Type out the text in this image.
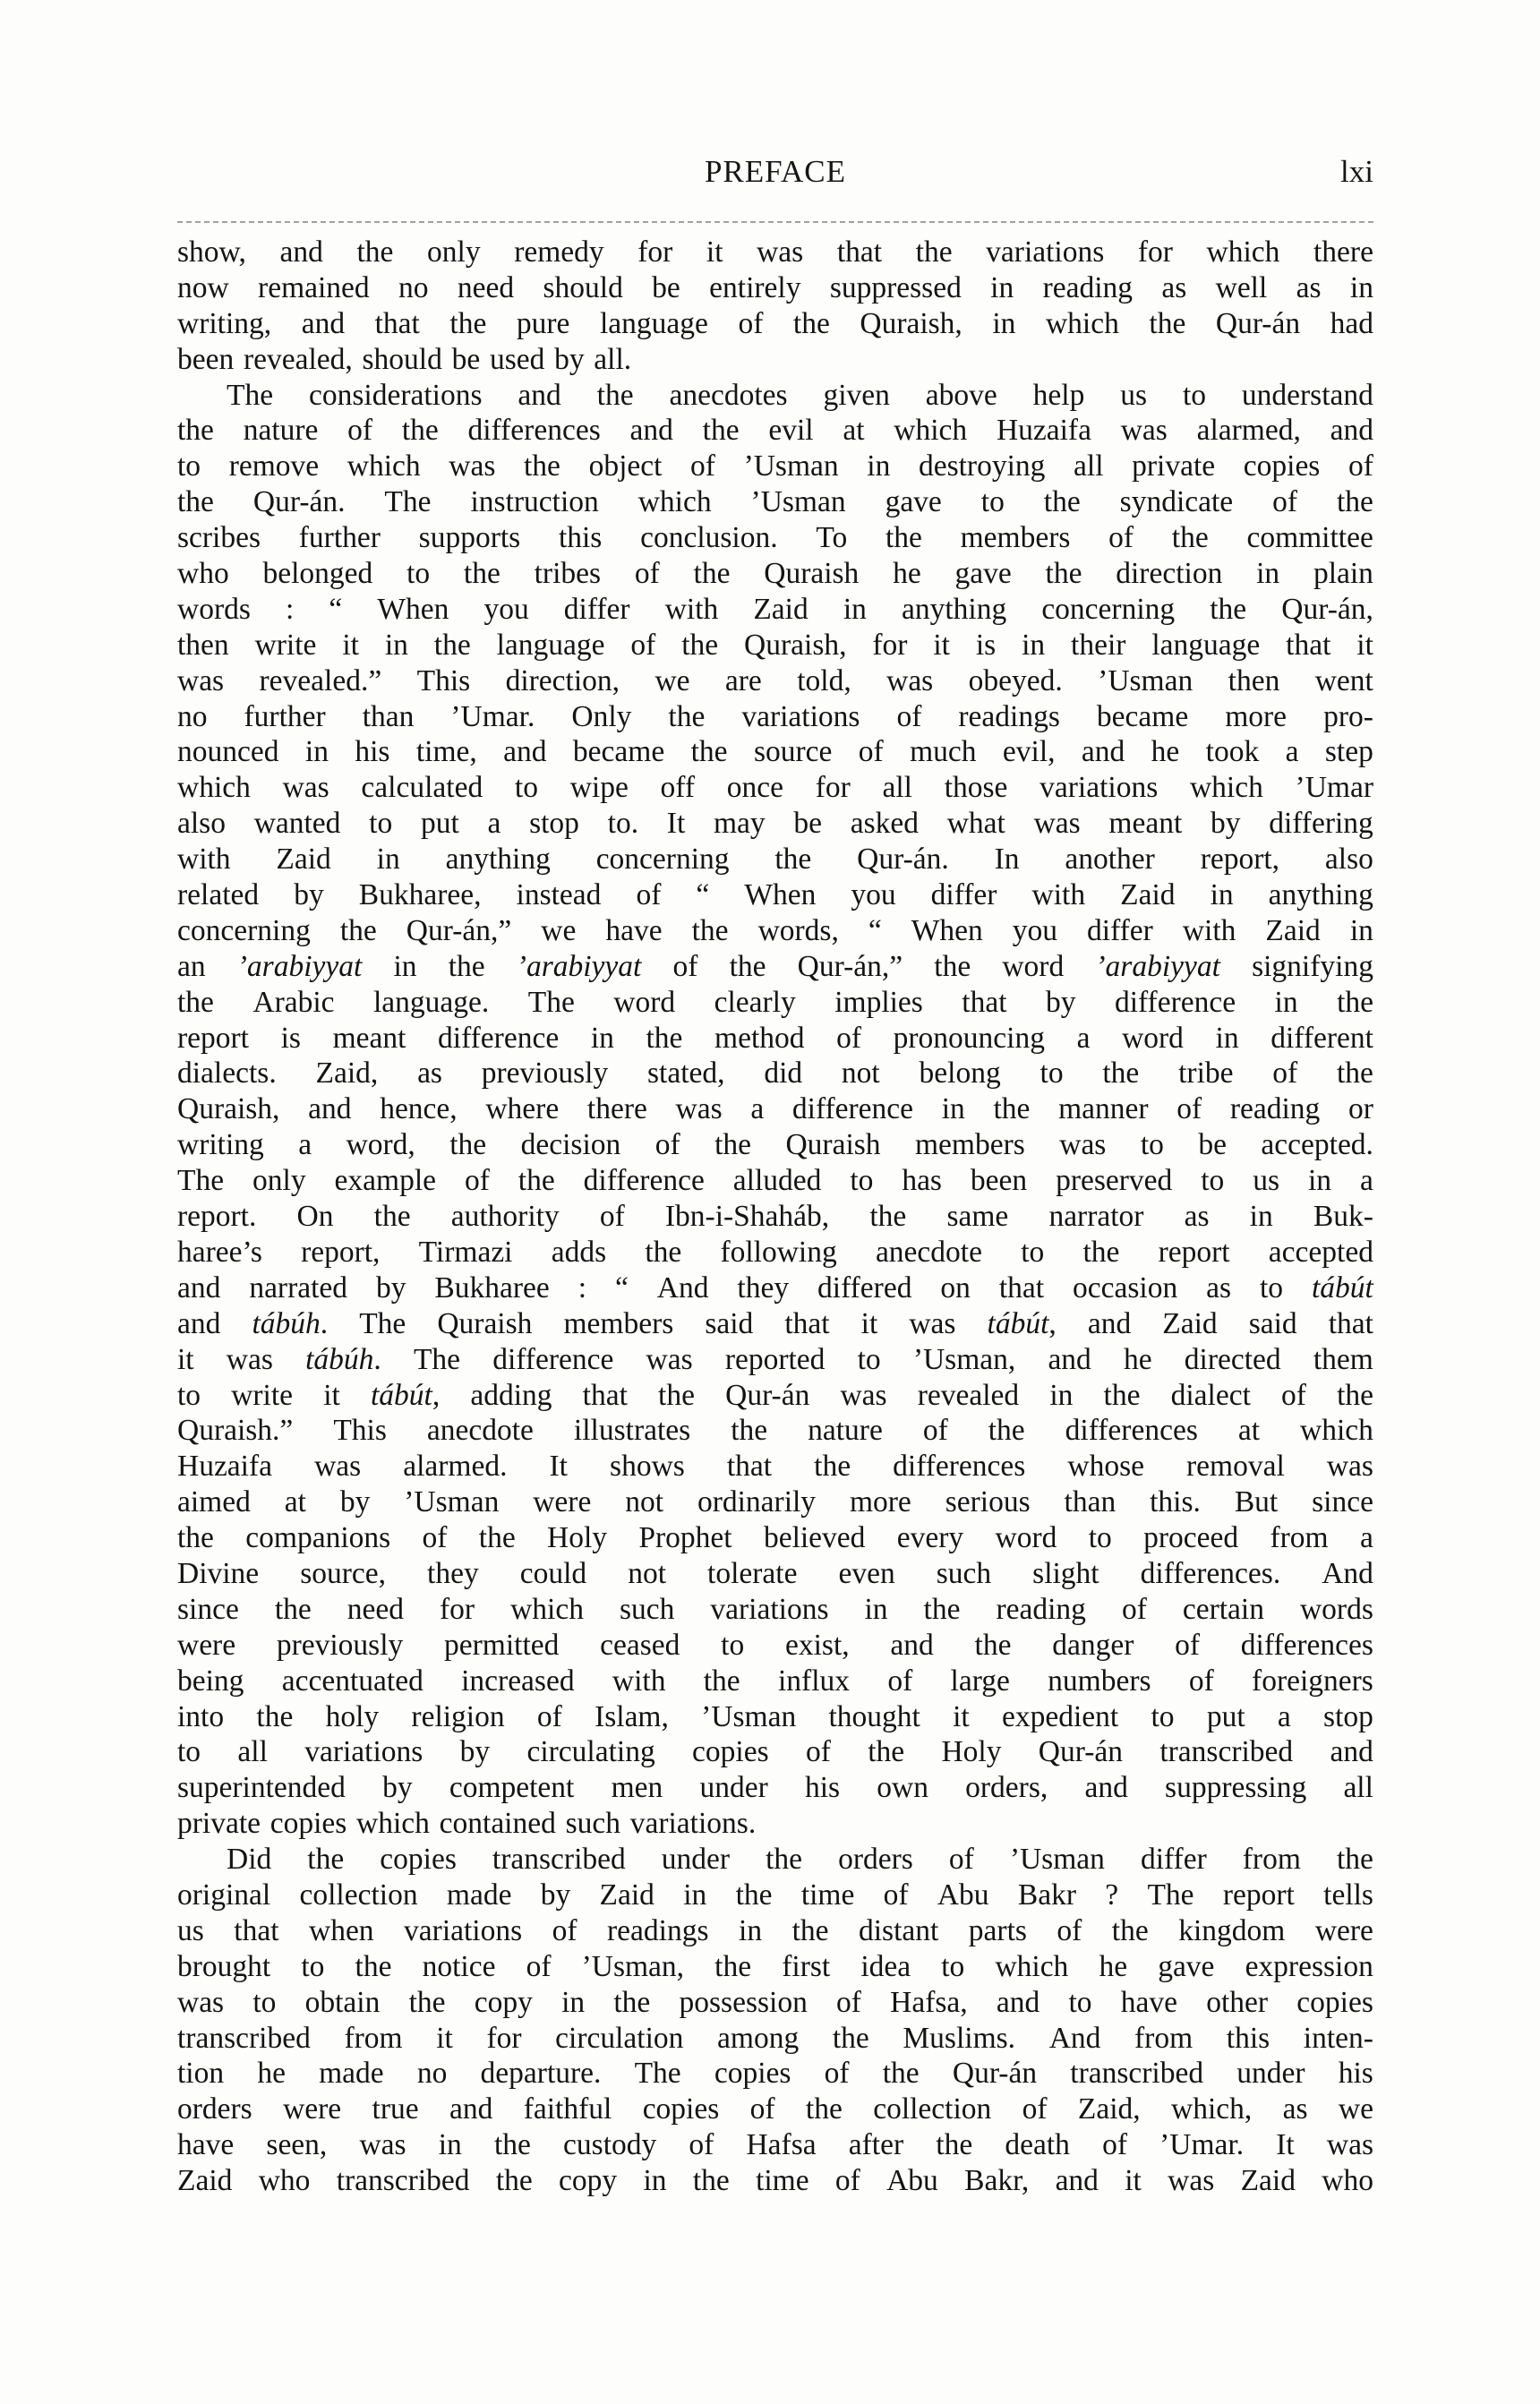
PREFACE	lxi
show, and the only remedy for it was that the variations for which there
now remained no need should be entirely suppressed in reading as well as in
writing, and that the pure language of the Quraish, in which the Qur-án had
been revealed, should be used by all.
The considerations and the anecdotes given above help us to understand
the nature of the differences and the evil at which Huzaifa was alarmed, and
to remove which was the object of ’Usman in destroying all private copies of
the Qur-án. The instruction which ’Usman gave to the syndicate of the
scribes further supports this conclusion. To the members of the committee
who belonged to the tribes of the Quraish he gave the direction in plain
words : “ When you differ with Zaid in anything concerning the Qur-án,
then write it in the language of the Quraish, for it is in their language that it
was revealed.” This direction, we are told, was obeyed. ’Usman then went
no further than ’Umar. Only the variations of readings became more pro-
nounced in his time, and became the source of much evil, and he took a step
which was calculated to wipe off once for all those variations which ’Umar
also wanted to put a stop to. It may be asked what was meant by differing
with Zaid in anything concerning the Qur-án. In another report, also
related by Bukharee, instead of “ When you differ with Zaid in anything
concerning the Qur-án,” we have the words, “ When you differ with Zaid in
an ’arabiyyat in the ’arabiyyat of the Qur-án,” the word ’arabiyyat signifying
the Arabic language. The word clearly implies that by difference in the
report is meant difference in the method of pronouncing a word in different
dialects. Zaid, as previously stated, did not belong to the tribe of the
Quraish, and hence, where there was a difference in the manner of reading or
writing a word, the decision of the Quraish members was to be accepted.
The only example of the difference alluded to has been preserved to us in a
report. On the authority of Ibn-i-Shaháb, the same narrator as in Buk-
haree’s report, Tirmazi adds the following anecdote to the report accepted
and narrated by Bukharee : “ And they differed on that occasion as to tábút
and tábúh. The Quraish members said that it was tábút, and Zaid said that
it was tábúh. The difference was reported to ’Usman, and he directed them
to write it tábút, adding that the Qur-án was revealed in the dialect of the
Quraish.” This anecdote illustrates the nature of the differences at which
Huzaifa was alarmed. It shows that the differences whose removal was
aimed at by ’Usman were not ordinarily more serious than this. But since
the companions of the Holy Prophet believed every word to proceed from a
Divine source, they could not tolerate even such slight differences. And
since the need for which such variations in the reading of certain words
were previously permitted ceased to exist, and the danger of differences
being accentuated increased with the influx of large numbers of foreigners
into the holy religion of Islam, ’Usman thought it expedient to put a stop
to all variations by circulating copies of the Holy Qur-án transcribed and
superintended by competent men under his own orders, and suppressing all
private copies which contained such variations.
Did the copies transcribed under the orders of ’Usman differ from the
original collection made by Zaid in the time of Abu Bakr ? The report tells
us that when variations of readings in the distant parts of the kingdom were
brought to the notice of ’Usman, the first idea to which he gave expression
was to obtain the copy in the possession of Hafsa, and to have other copies
transcribed from it for circulation among the Muslims. And from this inten-
tion he made no departure. The copies of the Qur-án transcribed under his
orders were true and faithful copies of the collection of Zaid, which, as we
have seen, was in the custody of Hafsa after the death of ’Umar. It was
Zaid who transcribed the copy in the time of Abu Bakr, and it was Zaid who
